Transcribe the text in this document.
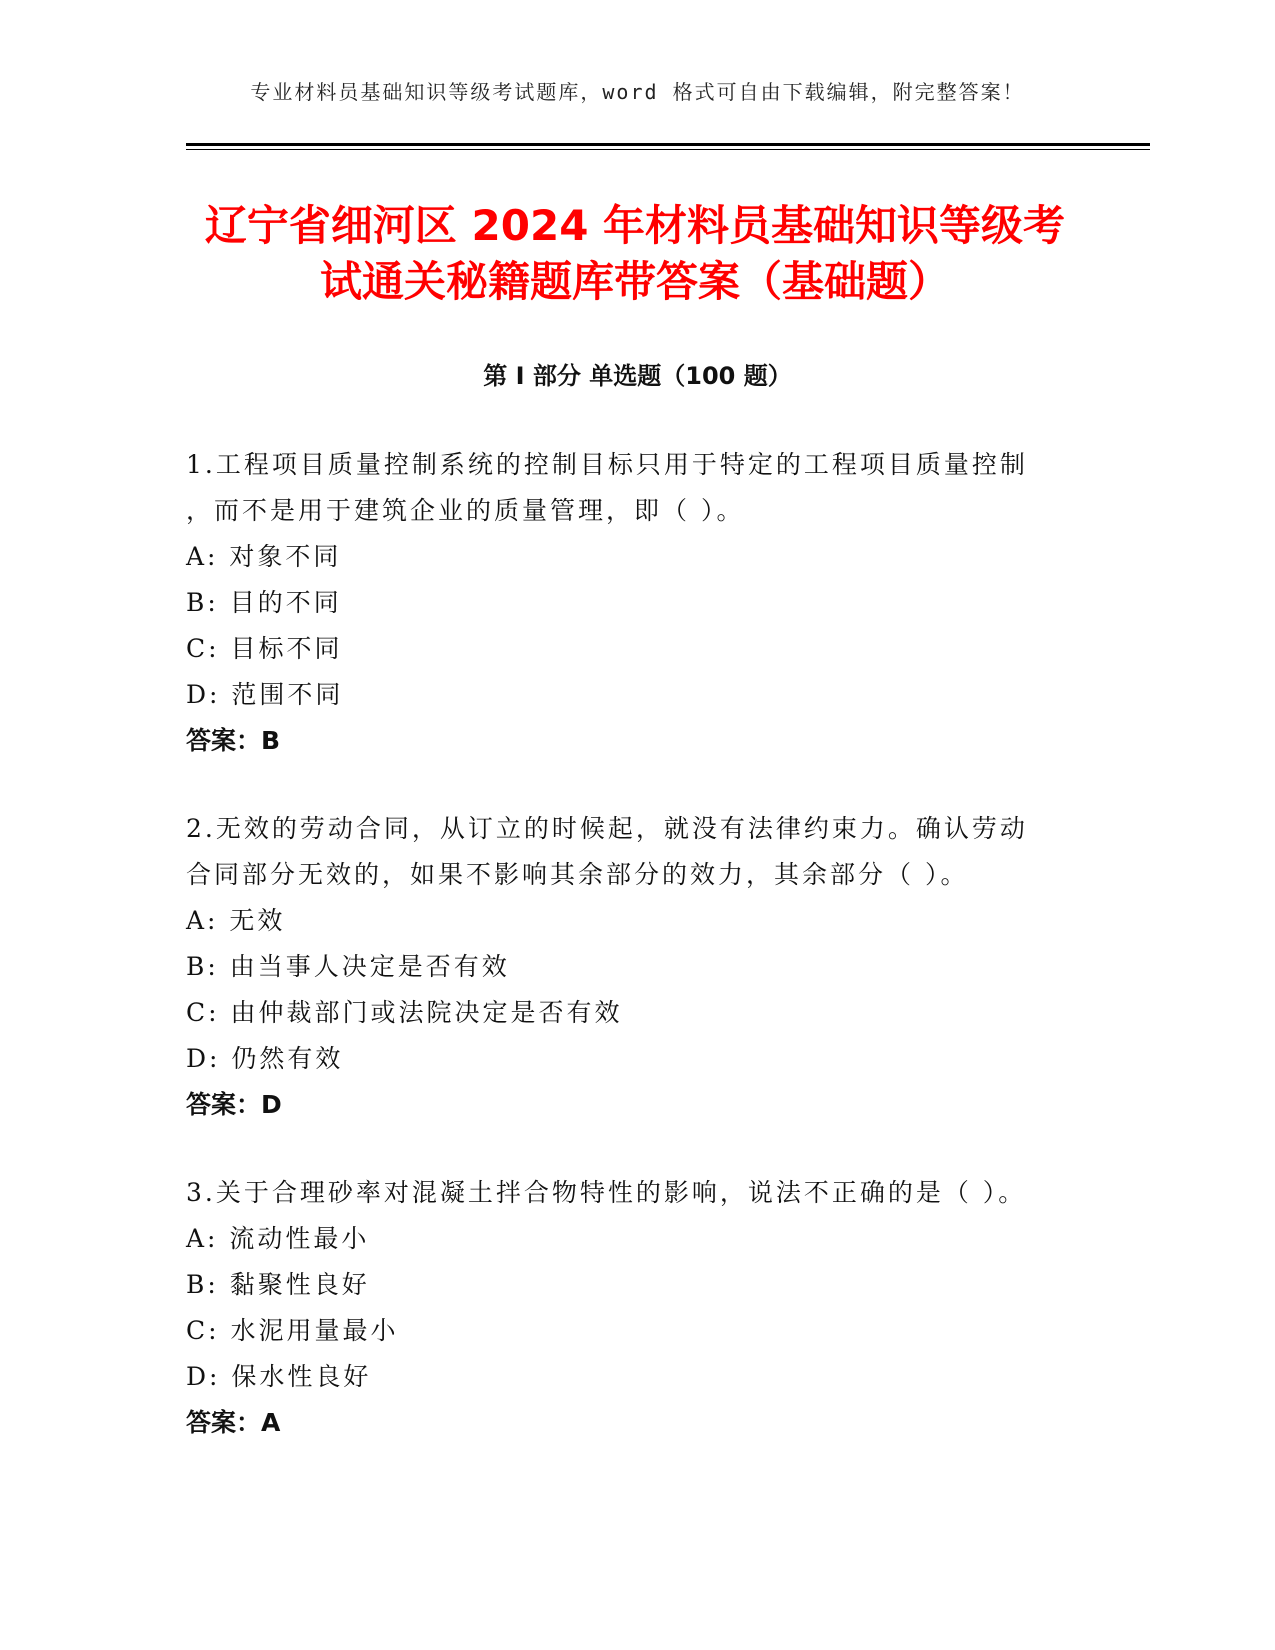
专业材料员基础知识等级考试题库，word 格式可自由下载编辑，附完整答案！
辽宁省细河区 2024 年材料员基础知识等级考
试通关秘籍题库带答案（基础题）
第 I 部分 单选题（100 题）
1.工程项目质量控制系统的控制目标只用于特定的工程项目质量控制
，而不是用于建筑企业的质量管理，即（ ）。
A: 对象不同
B: 目的不同
C: 目标不同
D: 范围不同
答案：B
2.无效的劳动合同，从订立的时候起，就没有法律约束力。确认劳动
合同部分无效的，如果不影响其余部分的效力，其余部分（ ）。
A: 无效
B: 由当事人决定是否有效
C: 由仲裁部门或法院决定是否有效
D: 仍然有效
答案：D
3.关于合理砂率对混凝土拌合物特性的影响，说法不正确的是（ ）。
A: 流动性最小
B: 黏聚性良好
C: 水泥用量最小
D: 保水性良好
答案：A
